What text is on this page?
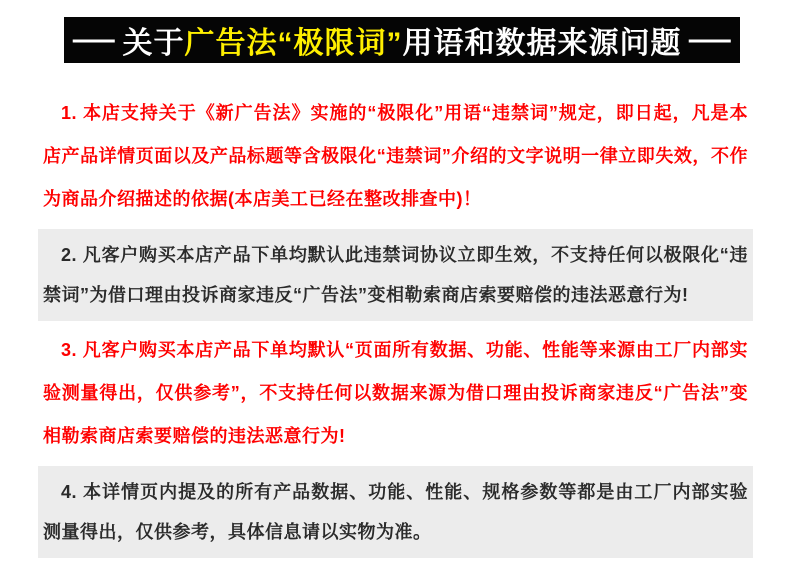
— 关于广告法“极限词”用语和数据来源问题 —

1. 本店支持关于《新广告法》实施的“极限化”用语“违禁词”规定，即日起，凡是本店产品详情页面以及产品标题等含极限化“违禁词”介绍的文字说明一律立即失效，不作为商品介绍描述的依据(本店美工已经在整改排查中)！

2. 凡客户购买本店产品下单均默认此违禁词协议立即生效，不支持任何以极限化“违禁词”为借口理由投诉商家违反“广告法”变相勒索商店索要赔偿的违法恶意行为!

3. 凡客户购买本店产品下单均默认“页面所有数据、功能、性能等来源由工厂内部实验测量得出，仅供参考”，不支持任何以数据来源为借口理由投诉商家违反“广告法”变相勒索商店索要赔偿的违法恶意行为!

4. 本详情页内提及的所有产品数据、功能、性能、规格参数等都是由工厂内部实验测量得出，仅供参考，具体信息请以实物为准。
